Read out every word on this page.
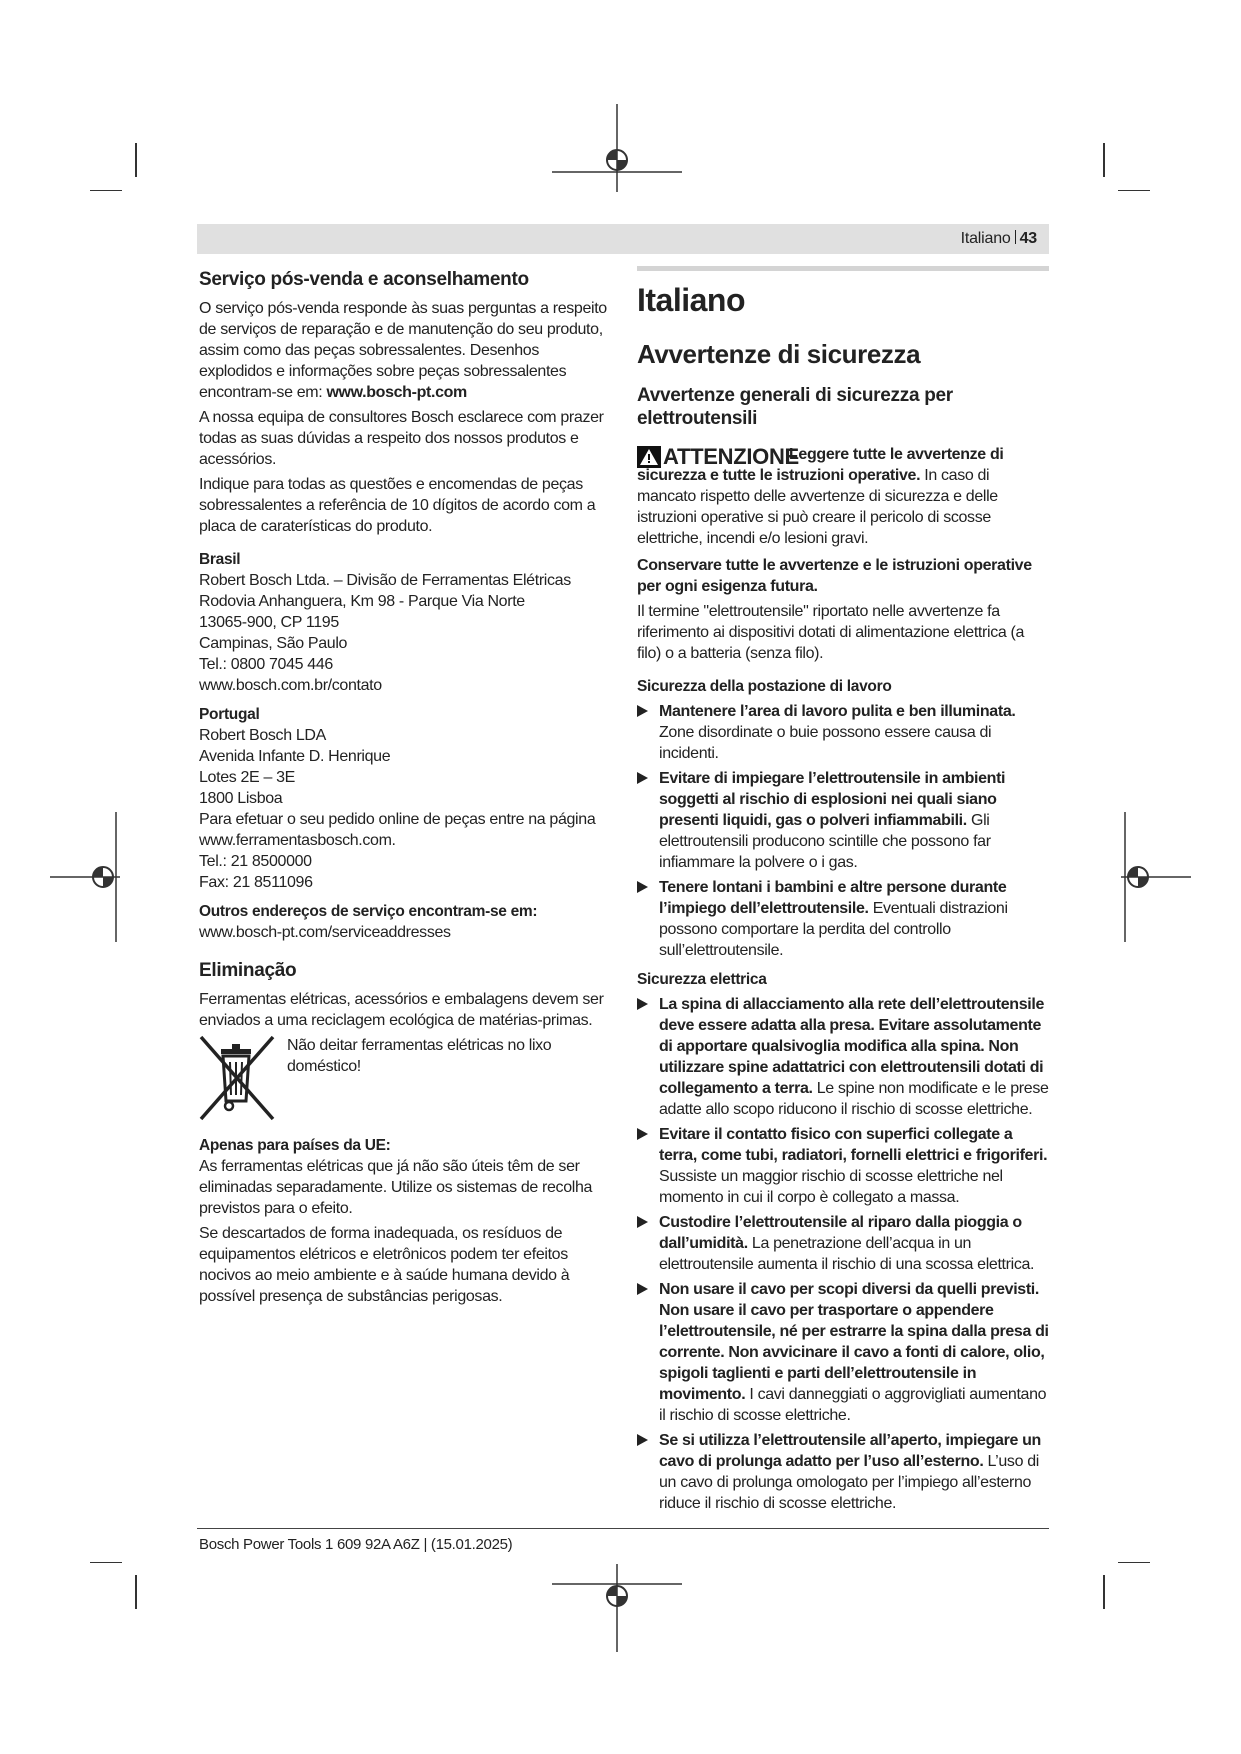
Italiano 43
Serviço pós-venda e aconselhamento

O serviço pós-venda responde às suas perguntas a respeito de serviços de reparação e de manutenção do seu produto, assim como das peças sobressalentes. Desenhos explodidos e informações sobre peças sobressalentes encontram-se em: www.bosch-pt.com

A nossa equipa de consultores Bosch esclarece com prazer todas as suas dúvidas a respeito dos nossos produtos e acessórios.

Indique para todas as questões e encomendas de peças sobressalentes a referência de 10 dígitos de acordo com a placa de caraterísticas do produto.

Brasil
Robert Bosch Ltda. – Divisão de Ferramentas Elétricas
Rodovia Anhanguera, Km 98 - Parque Via Norte
13065-900, CP 1195
Campinas, São Paulo
Tel.: 0800 7045 446
www.bosch.com.br/contato
Portugal
Robert Bosch LDA
Avenida Infante D. Henrique
Lotes 2E – 3E
1800 Lisboa
Para efetuar o seu pedido online de peças entre na página www.ferramentasbosch.com.
Tel.: 21 8500000
Fax: 21 8511096
Outros endereços de serviço encontram-se em:
www.bosch-pt.com/serviceaddresses
Eliminação

Ferramentas elétricas, acessórios e embalagens devem ser enviados a uma reciclagem ecológica de matérias-primas.

Não deitar ferramentas elétricas no lixo doméstico!

Apenas para países da UE:

As ferramentas elétricas que já não são úteis têm de ser eliminadas separadamente. Utilize os sistemas de recolha previstos para o efeito.

Se descartados de forma inadequada, os resíduos de equipamentos elétricos e eletrônicos podem ter efeitos nocivos ao meio ambiente e à saúde humana devido à possível presença de substâncias perigosas.

Italiano
Avvertenze di sicurezza
Avvertenze generali di sicurezza per elettroutensili
ATTENZIONE

Leggere tutte le avvertenze di sicurezza e tutte le istruzioni operative. In caso di mancato rispetto delle avvertenze di sicurezza e delle istruzioni operative si può creare il pericolo di scosse elettriche, incendi e/o lesioni gravi.

Conservare tutte le avvertenze e le istruzioni operative per ogni esigenza futura.

Il termine "elettroutensile" riportato nelle avvertenze fa riferimento ai dispositivi dotati di alimentazione elettrica (a filo) o a batteria (senza filo).

Sicurezza della postazione di lavoro
Mantenere l’area di lavoro pulita e ben illuminata. Zone disordinate o buie possono essere causa di incidenti.
Evitare di impiegare l’elettroutensile in ambienti soggetti al rischio di esplosioni nei quali siano presenti liquidi, gas o polveri infiammabili. Gli elettroutensili producono scintille che possono far infiammare la polvere o i gas.
Tenere lontani i bambini e altre persone durante l’impiego dell’elettroutensile. Eventuali distrazioni possono comportare la perdita del controllo sull’elettroutensile.
Sicurezza elettrica
La spina di allacciamento alla rete dell’elettroutensile deve essere adatta alla presa. Evitare assolutamente di apportare qualsivoglia modifica alla spina. Non utilizzare spine adattatrici con elettroutensili dotati di collegamento a terra. Le spine non modificate e le prese adatte allo scopo riducono il rischio di scosse elettriche.
Evitare il contatto fisico con superfici collegate a terra, come tubi, radiatori, fornelli elettrici e frigoriferi. Sussiste un maggior rischio di scosse elettriche nel momento in cui il corpo è collegato a massa.
Custodire l’elettroutensile al riparo dalla pioggia o dall’umidità. La penetrazione dell’acqua in un elettroutensile aumenta il rischio di una scossa elettrica.
Non usare il cavo per scopi diversi da quelli previsti. Non usare il cavo per trasportare o appendere l’elettroutensile, né per estrarre la spina dalla presa di corrente. Non avvicinare il cavo a fonti di calore, olio, spigoli taglienti e parti dell’elettroutensile in movimento. I cavi danneggiati o aggrovigliati aumentano il rischio di scosse elettriche.
Se si utilizza l’elettroutensile all’aperto, impiegare un cavo di prolunga adatto per l’uso all’esterno. L’uso di un cavo di prolunga omologato per l’impiego all’esterno riduce il rischio di scosse elettriche.
Bosch Power Tools 1 609 92A A6Z | (15.01.2025)
